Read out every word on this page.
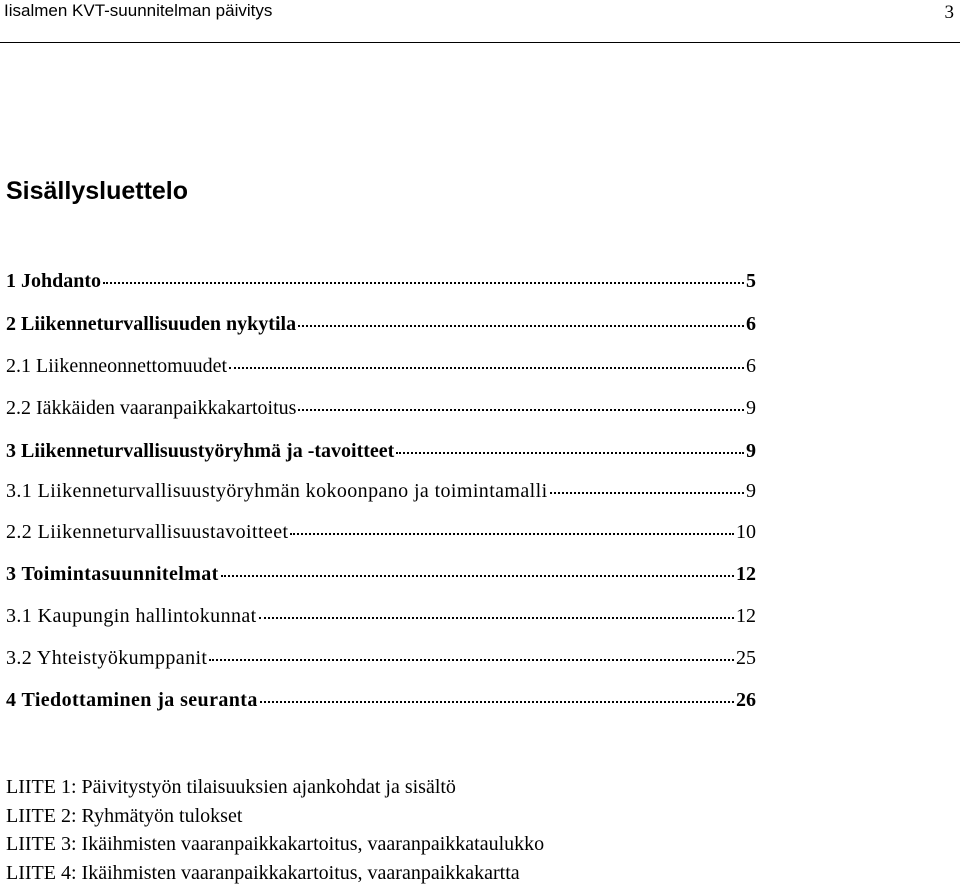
Iisalmen KVT-suunnitelman päivitys	3
Sisällysluettelo
1 Johdanto	5
2 Liikenneturvallisuuden nykytila	6
2.1 Liikenneonnettomuudet	6
2.2 Iäkkäiden vaaranpaikkakartoitus	9
3 Liikenneturvallisuustyöryhmä ja -tavoitteet	9
3.1 Liikenneturvallisuustyöryhmän kokoonpano ja toimintamalli	9
2.2 Liikenneturvallisuustavoitteet	10
3 Toimintasuunnitelmat	12
3.1 Kaupungin hallintokunnat	12
3.2 Yhteistyökumppanit	25
4 Tiedottaminen ja seuranta	26
LIITE 1: Päivitystyön tilaisuuksien ajankohdat ja sisältö
LIITE 2: Ryhmätyön tulokset
LIITE 3: Ikäihmisten vaaranpaikkakartoitus, vaaranpaikkataulukko
LIITE 4: Ikäihmisten vaaranpaikkakartoitus, vaaranpaikkakartta
